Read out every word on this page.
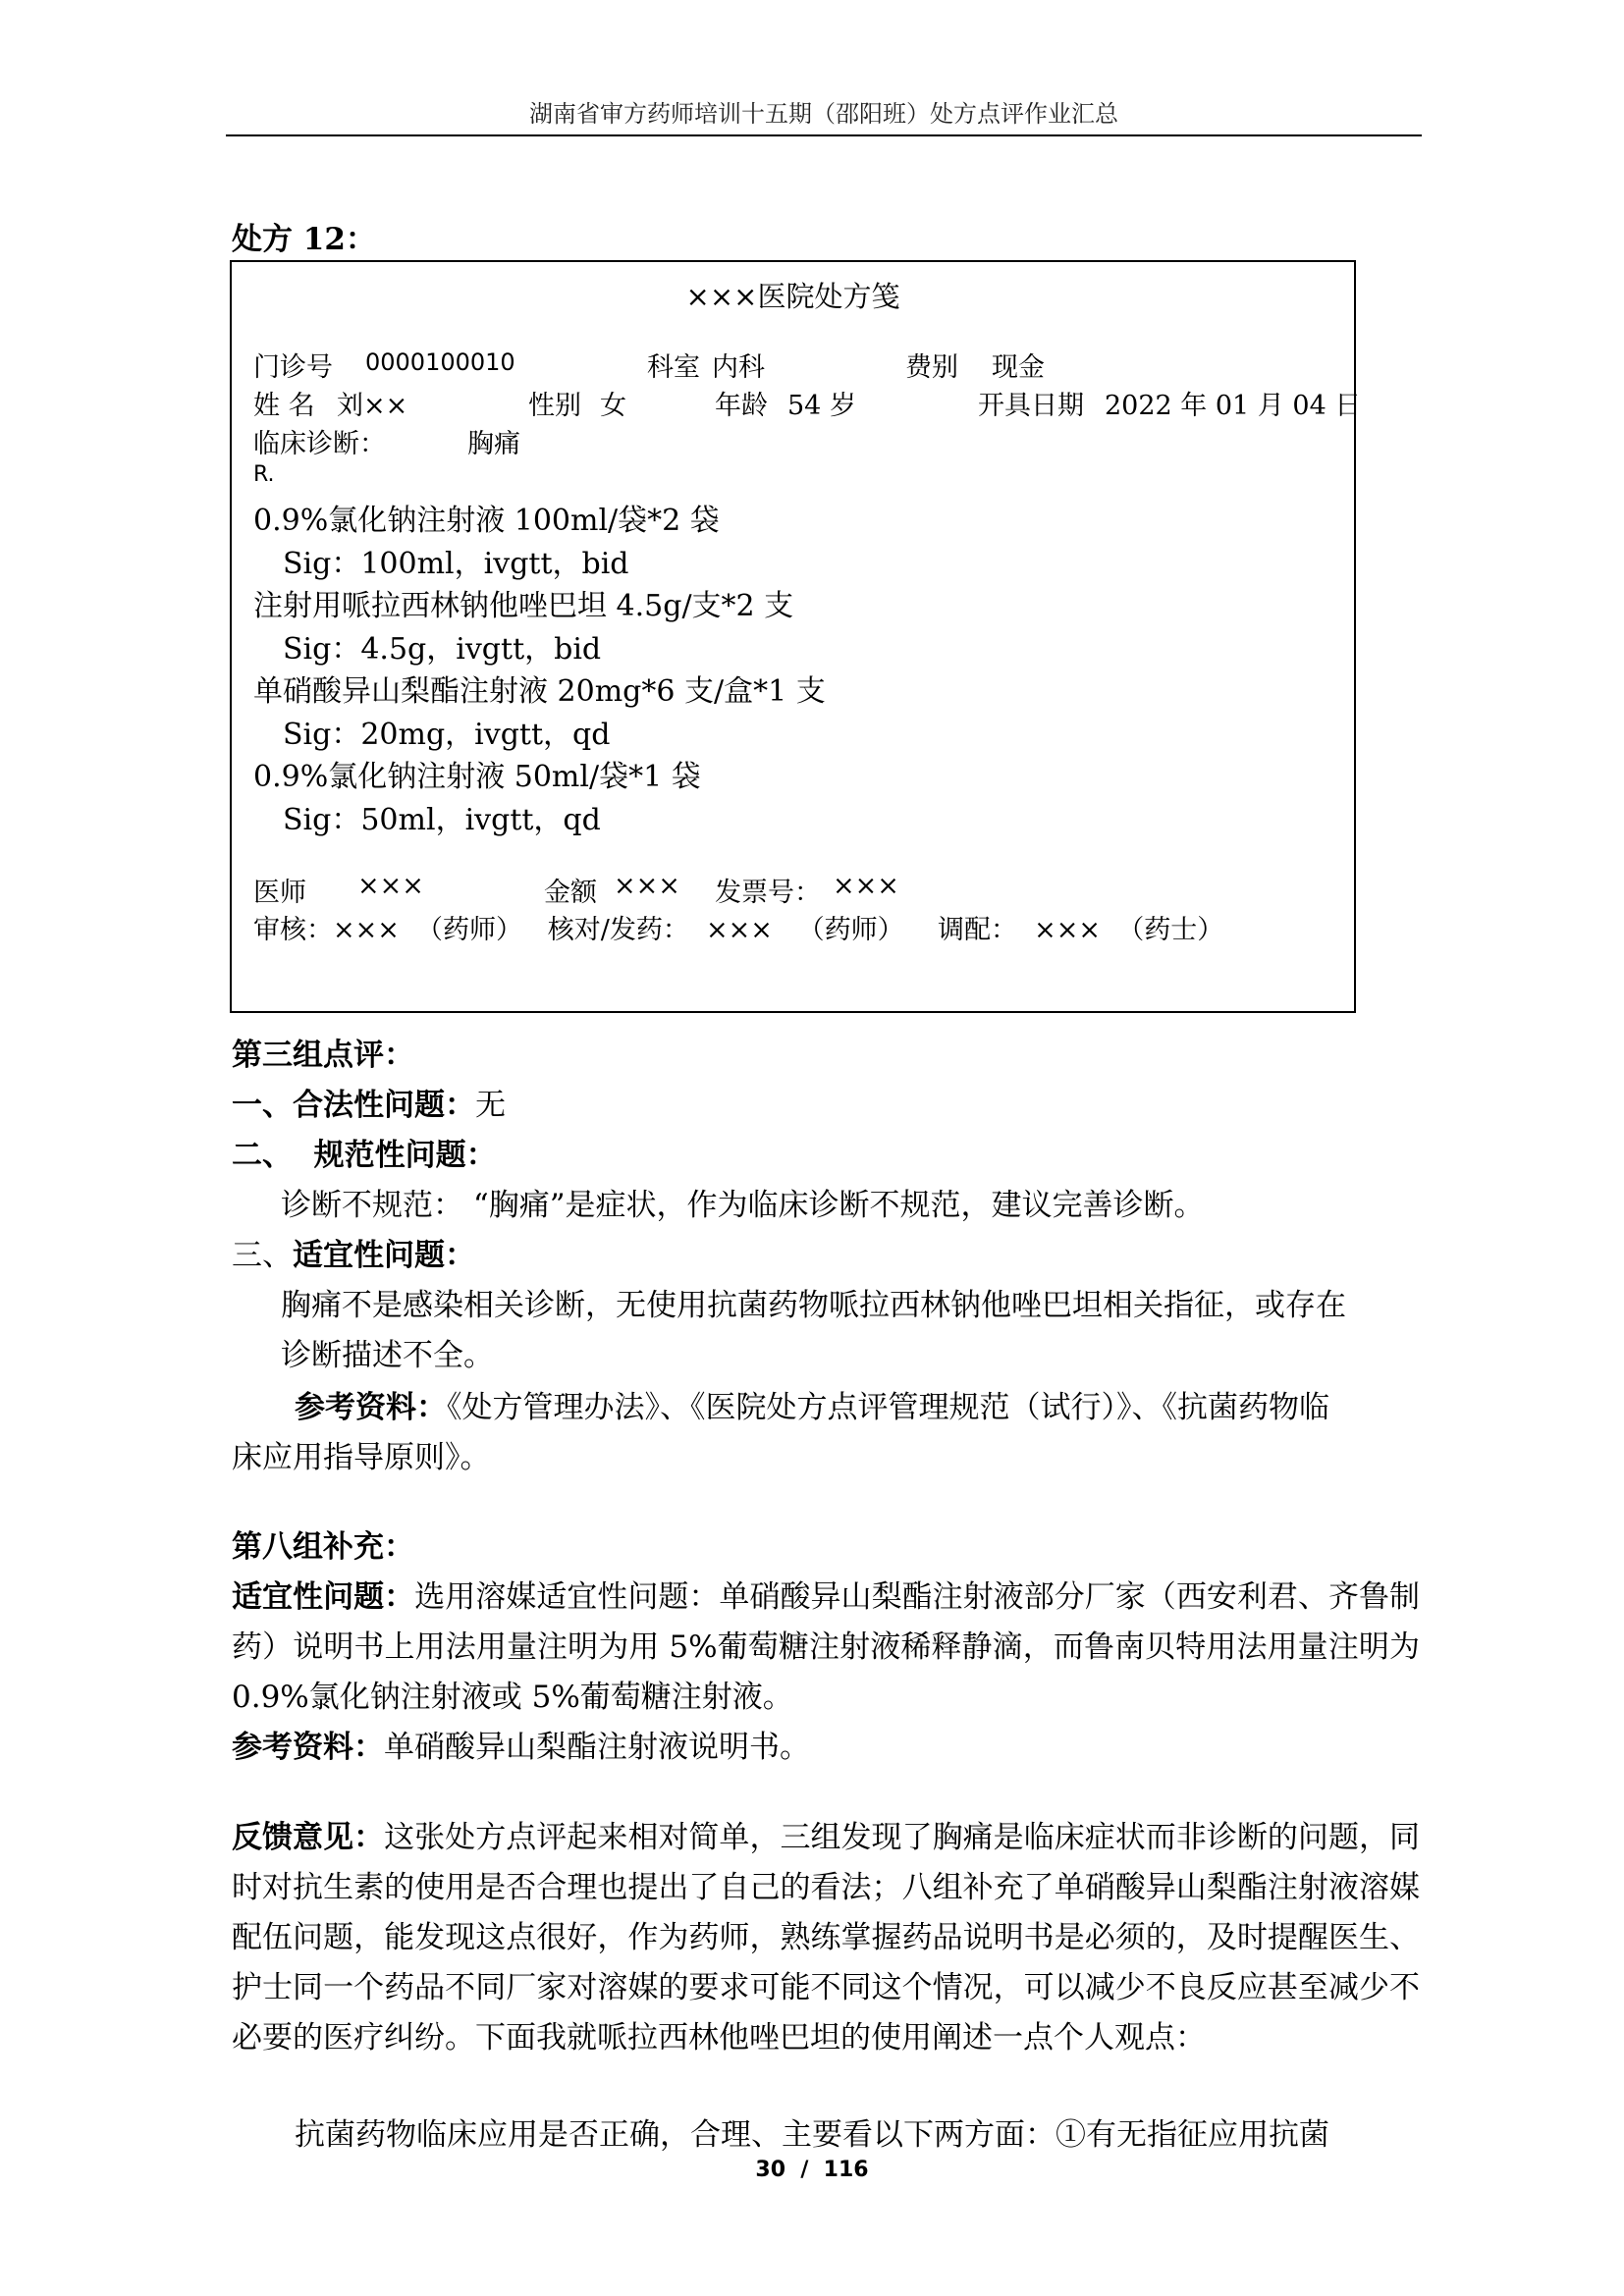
湖南省审方药师培训十五期（邵阳班）处方点评作业汇总
处方 12：
×××医院处方笺
门诊号 0000100010	科室 内科	费别 现金
姓 名 刘××	性别 女	年龄 54 岁	开具日期 2022 年 01 月 04 日
临床诊断：	胸痛
R.
0.9%氯化钠注射液 100ml/袋*2 袋
Sig：100ml，ivgtt，bid
注射用哌拉西林钠他唑巴坦 4.5g/支*2 支
Sig：4.5g，ivgtt，bid
单硝酸异山梨酯注射液 20mg*6 支/盒*1 支
Sig：20mg，ivgtt，qd
0.9%氯化钠注射液 50ml/袋*1 袋
Sig：50ml，ivgtt，qd
医师 ×××	金额 ××× 发票号： ×××
审核：×××  （药师）   核对/发药：  ×××   （药师）    调配：  ×××  （药士）
第三组点评：
一、合法性问题：无
二、  规范性问题：
诊断不规范： “胸痛”是症状，作为临床诊断不规范，建议完善诊断。
三、适宜性问题：
胸痛不是感染相关诊断，无使用抗菌药物哌拉西林钠他唑巴坦相关指征，或存在
诊断描述不全。
参考资料：《处方管理办法》、《医院处方点评管理规范（试行）》、《抗菌药物临
床应用指导原则》。
第八组补充：
适宜性问题：选用溶媒适宜性问题：单硝酸异山梨酯注射液部分厂家（西安利君、齐鲁制药）说明书上用法用量注明为用 5%葡萄糖注射液稀释静滴，而鲁南贝特用法用量注明为 0.9%氯化钠注射液或 5%葡萄糖注射液。
参考资料：单硝酸异山梨酯注射液说明书。
反馈意见：这张处方点评起来相对简单，三组发现了胸痛是临床症状而非诊断的问题，同时对抗生素的使用是否合理也提出了自己的看法；八组补充了单硝酸异山梨酯注射液溶媒配伍问题，能发现这点很好，作为药师，熟练掌握药品说明书是必须的，及时提醒医生、护士同一个药品不同厂家对溶媒的要求可能不同这个情况，可以减少不良反应甚至减少不必要的医疗纠纷。下面我就哌拉西林他唑巴坦的使用阐述一点个人观点：
抗菌药物临床应用是否正确，合理、主要看以下两方面：①有无指征应用抗菌
30  /  116
